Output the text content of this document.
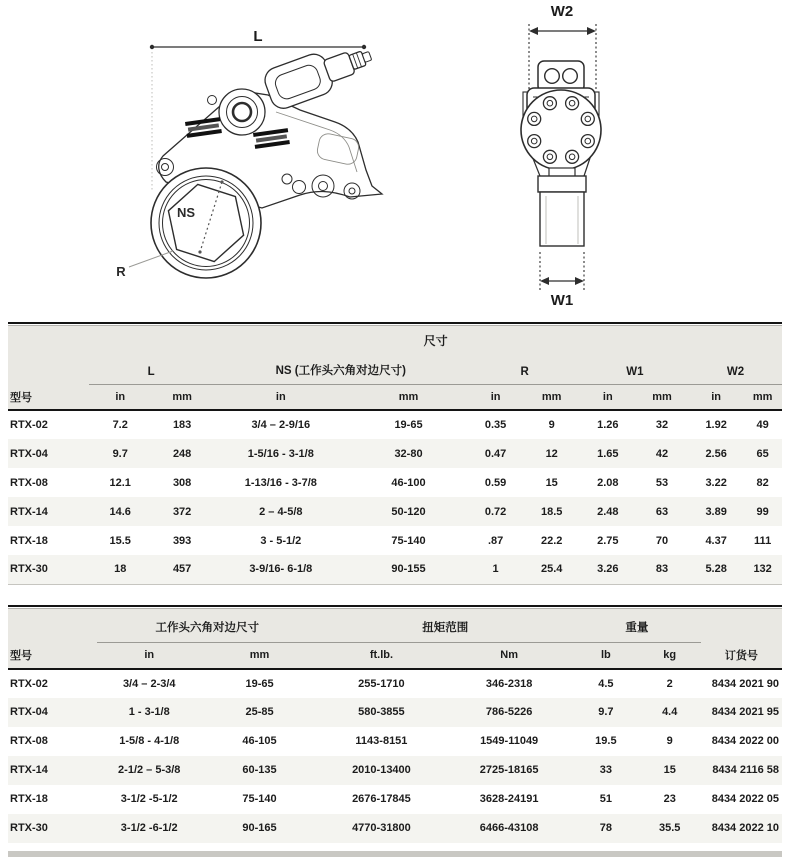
L
NS
R
W2
W1
	尺寸									
	L		NS (工作头六角对边尺寸)		R		W1		W2	
型号	in	mm	in	mm	in	mm	in	mm	in	mm
RTX-02	7.2	183	3/4 – 2-9/16	19-65	0.35	9	1.26	32	1.92	49
RTX-04	9.7	248	1-5/16 - 3-1/8	32-80	0.47	12	1.65	42	2.56	65
RTX-08	12.1	308	1-13/16 - 3-7/8	46-100	0.59	15	2.08	53	3.22	82
RTX-14	14.6	372	2 – 4-5/8	50-120	0.72	18.5	2.48	63	3.89	99
RTX-18	15.5	393	3 - 5-1/2	75-140	.87	22.2	2.75	70	4.37	111
RTX-30	18	457	3-9/16- 6-1/8	90-155	1	25.4	3.26	83	5.28	132
	工作头六角对边尺寸		扭矩范围		重量		
型号	in	mm	ft.lb.	Nm	lb	kg	订货号
RTX-02	3/4 – 2-3/4	19-65	255-1710	346-2318	4.5	2	8434 2021 90
RTX-04	1 - 3-1/8	25-85	580-3855	786-5226	9.7	4.4	8434 2021 95
RTX-08	1-5/8 - 4-1/8	46-105	1143-8151	1549-11049	19.5	9	8434 2022 00
RTX-14	2-1/2 – 5-3/8	60-135	2010-13400	2725-18165	33	15	8434 2116 58
RTX-18	3-1/2 -5-1/2	75-140	2676-17845	3628-24191	51	23	8434 2022 05
RTX-30	3-1/2 -6-1/2	90-165	4770-31800	6466-43108	78	35.5	8434 2022 10
